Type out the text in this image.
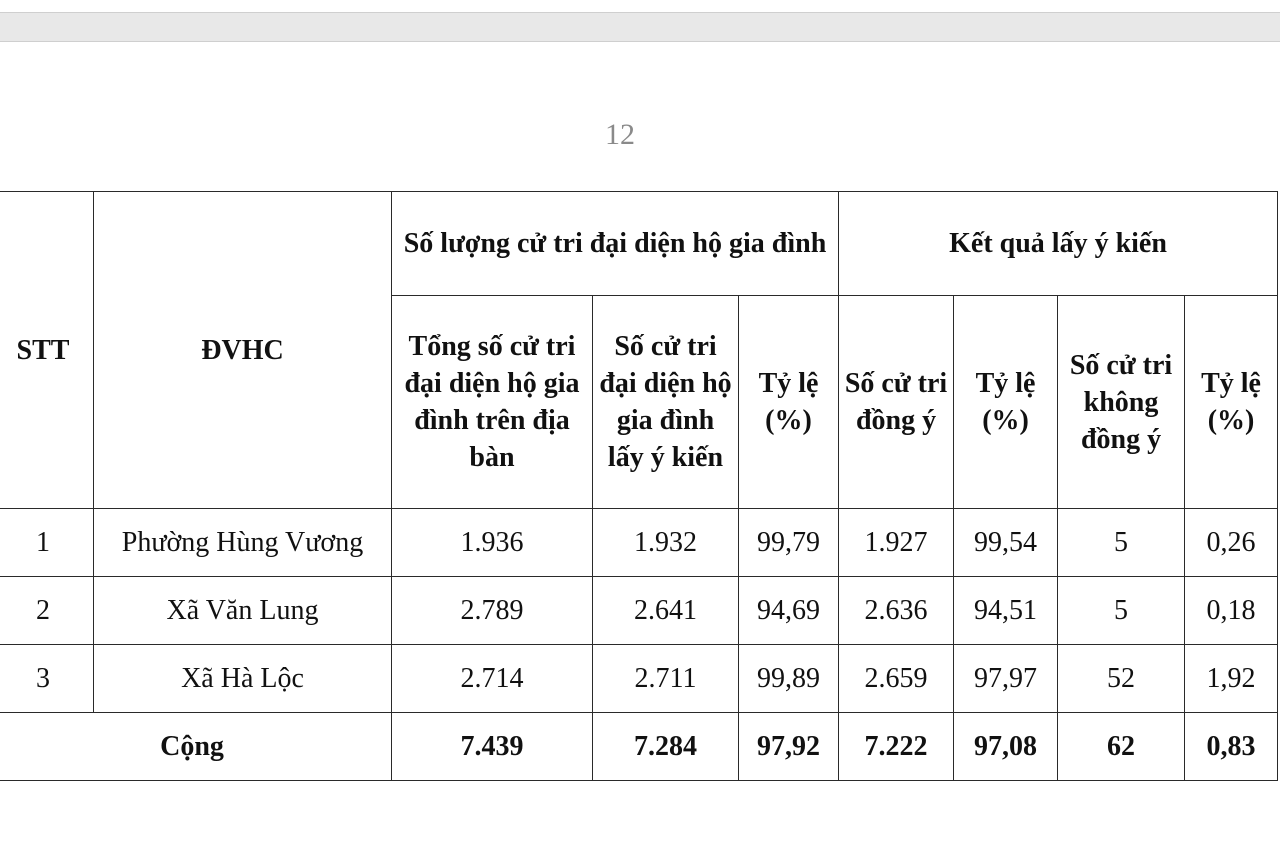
12
STT	ĐVHC	Số lượng cử tri đại diện hộ gia đình			Kết quả lấy ý kiến			
		Tổng số cử tri đại diện hộ gia đình trên địa bàn	Số cử tri đại diện hộ gia đình lấy ý kiến	Tỷ lệ (%)	Số cử tri đồng ý	Tỷ lệ (%)	Số cử tri không đồng ý	Tỷ lệ (%)
1	Phường Hùng Vương	1.936	1.932	99,79	1.927	99,54	5	0,26
2	Xã Văn Lung	2.789	2.641	94,69	2.636	94,51	5	0,18
3	Xã Hà Lộc	2.714	2.711	99,89	2.659	97,97	52	1,92
Cộng		7.439	7.284	97,92	7.222	97,08	62	0,83
